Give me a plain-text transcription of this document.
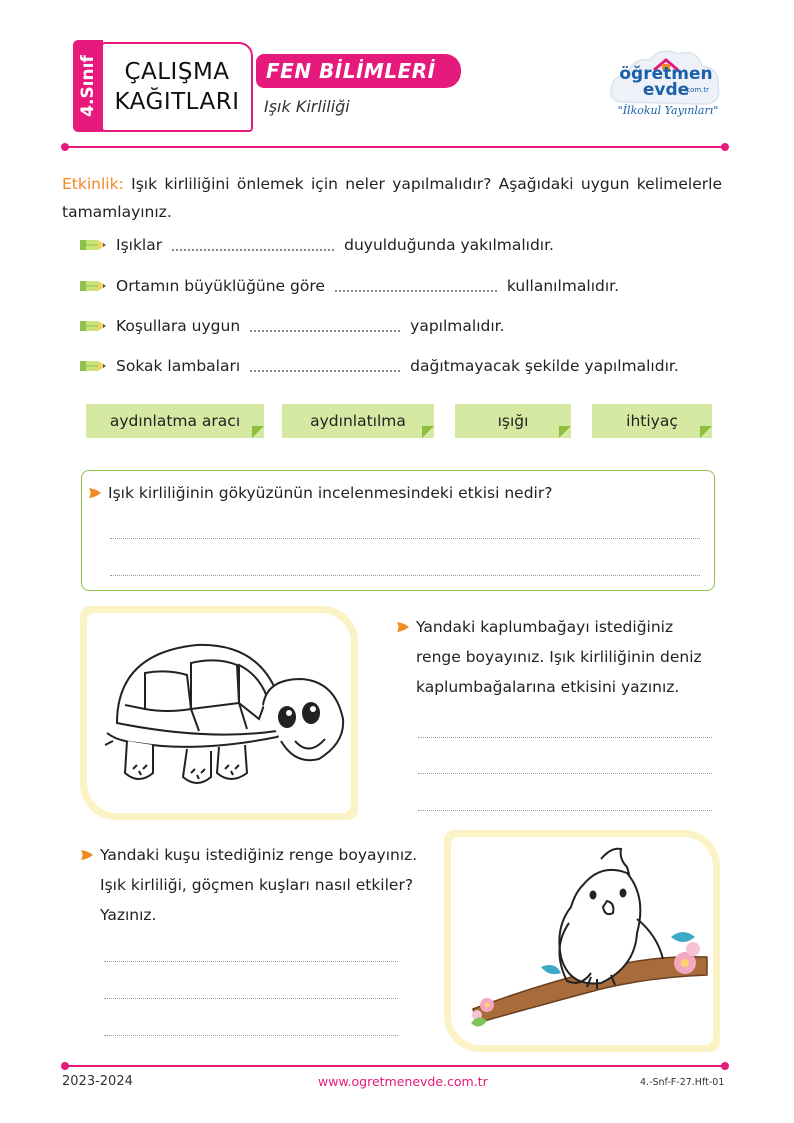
4.Sınıf ÇALIŞMA
KAĞITLARI
FEN BİLİMLERİ
Işık Kirliliği
öğretmen evde
.com.tr
"İlkokul Yayınları"
Etkinlik: Işık kirliliğini önlemek için neler yapılmalıdır? Aşağıdaki uygun kelimelerle tamamlayınız.
Işıklar	duyulduğunda yakılmalıdır.
Ortamın büyüklüğüne göre	kullanılmalıdır.
Koşullara uygun	yapılmalıdır.
Sokak lambaları	dağıtmayacak şekilde yapılmalıdır.
aydınlatma aracı	aydınlatılma	ışığı	ihtiyaç
Işık kirliliğinin gökyüzünün incelenmesindeki etkisi nedir?
Yandaki kaplumbağayı istediğiniz
renge boyayınız. Işık kirliliğinin deniz
kaplumbağalarına etkisini yazınız.
Yandaki kuşu istediğiniz renge boyayınız.
Işık kirliliği, göçmen kuşları nasıl etkiler?
Yazınız.
2023-2024	www.ogretmenevde.com.tr	4.-Snf-F-27.Hft-01
